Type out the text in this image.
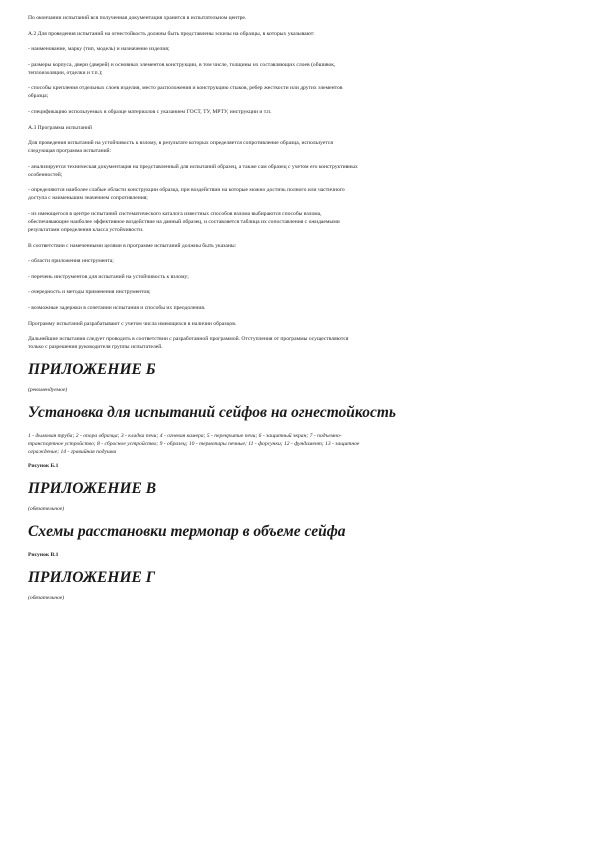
По окончании испытаний вся полученная документация хранится в испытательном центре.

А.2 Для проведения испытаний на огнестойкость должны быть представлены эскизы на образцы, в которых указывают:

- наименование, марку (тип, модель) и назначение изделия;

- размеры корпуса, двери (дверей) и основных элементов конструкции, в том числе, толщины их составляющих слоев (обшивок,
теплоизоляции, отделки и т.п.);

- способы крепления отдельных слоев изделия, место расположения и конструкцию стыков, ребер жесткости или других элементов
образца;

- спецификацию используемых в образце материалов с указанием ГОСТ, ТУ, МРТУ, инструкции и т.п.

А.3 Программа испытаний

Для проведения испытаний на устойчивость к взлому, в результате которых определяется сопротивление образца, используется
следующая программа испытаний:

- анализируется техническая документация на представленный для испытаний образец, а также сам образец с учетом его конструктивных
особенностей;

- определяются наиболее слабые области конструкции образца, при воздействии на которые можно достичь полного или частичного
доступа с наименьшим значением сопротивления;

- из имеющегося в центре испытаний систематического каталога известных способов взлома выбираются способы взлома,
обеспечивающие наиболее эффективное воздействие на данный образец, и составляется таблица их сопоставления с ожидаемыми
результатами определения класса устойчивости.

В соответствии с намеченными целями в программе испытаний должны быть указаны:

- области приложения инструмента;

- перечень инструментов для испытаний на устойчивость к взлому;

- очередность и методы применения инструментов;

- возможные задержки в сочетании испытания и способы их преодоления.

Программу испытаний разрабатывают с учетом числа имеющихся в наличии образцов.

Дальнейшие испытания следует проводить в соответствии с разработанной программой. Отступления от программы осуществляются
только с разрешения руководителя группы испытателей.

ПРИЛОЖЕНИЕ Б
(рекомендуемое)
Установка для испытаний сейфов на огнестойкость
1 - дымовая труба; 2 - опора образца; 3 - кладка печи; 4 - огневая камера; 5 - перекрытие печи; 6 - защитный экран; 7 - подъемно-
транспортное устройство; 8 - сбросное устройство; 9 - образец; 10 - термопары печные; 11 - форсунки; 12 - фундамент; 13 - защитное
ограждение; 14 - гравийная подушка
Рисунок Б.1
ПРИЛОЖЕНИЕ В
(обязательное)
Схемы расстановки термопар в объеме сейфа
Рисунок В.1
ПРИЛОЖЕНИЕ Г
(обязательное)
